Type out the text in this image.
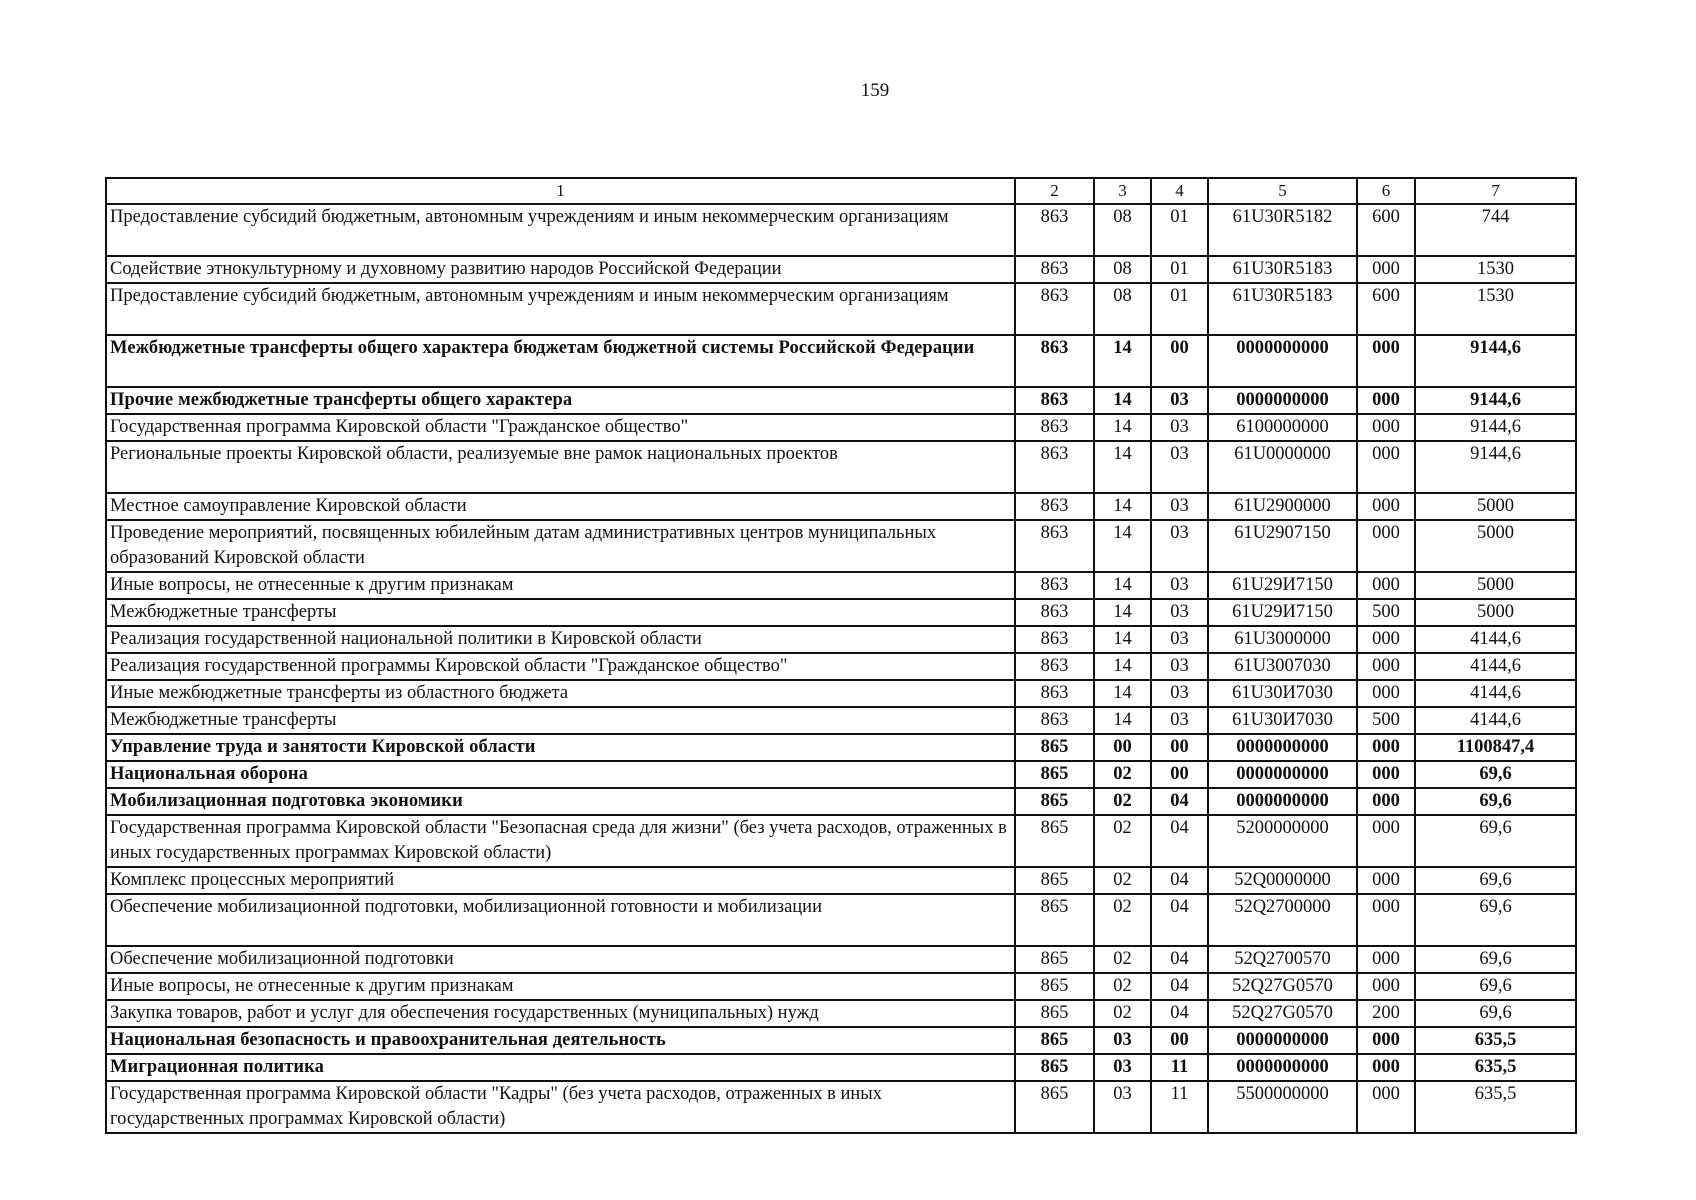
159
1	2	3	4	5	6	7
Предоставление субсидий бюджетным, автономным учреждениям и иным некоммерческим организациям	863	08	01	61U30R5182	600	744
Содействие этнокультурному и духовному развитию народов Российской Федерации	863	08	01	61U30R5183	000	1530
Предоставление субсидий бюджетным, автономным учреждениям и иным некоммерческим организациям	863	08	01	61U30R5183	600	1530
Межбюджетные трансферты общего характера бюджетам бюджетной системы Российской Федерации	863	14	00	0000000000	000	9144,6
Прочие межбюджетные трансферты общего характера	863	14	03	0000000000	000	9144,6
Государственная программа Кировской области "Гражданское общество"	863	14	03	6100000000	000	9144,6
Региональные проекты Кировской области, реализуемые вне рамок национальных проектов	863	14	03	61U0000000	000	9144,6
Местное самоуправление Кировской области	863	14	03	61U2900000	000	5000
Проведение мероприятий, посвященных юбилейным датам административных центров муниципальных образований Кировской области	863	14	03	61U2907150	000	5000
Иные вопросы, не отнесенные к другим признакам	863	14	03	61U29И7150	000	5000
Межбюджетные трансферты	863	14	03	61U29И7150	500	5000
Реализация государственной национальной политики в Кировской области	863	14	03	61U3000000	000	4144,6
Реализация государственной программы Кировской области "Гражданское общество"	863	14	03	61U3007030	000	4144,6
Иные межбюджетные трансферты из областного бюджета	863	14	03	61U30И7030	000	4144,6
Межбюджетные трансферты	863	14	03	61U30И7030	500	4144,6
Управление труда и занятости Кировской области	865	00	00	0000000000	000	1100847,4
Национальная оборона	865	02	00	0000000000	000	69,6
Мобилизационная подготовка экономики	865	02	04	0000000000	000	69,6
Государственная программа Кировской области "Безопасная среда для жизни" (без учета расходов, отраженных в иных государственных программах Кировской области)	865	02	04	5200000000	000	69,6
Комплекс процессных мероприятий	865	02	04	52Q0000000	000	69,6
Обеспечение мобилизационной подготовки, мобилизационной готовности и мобилизации	865	02	04	52Q2700000	000	69,6
Обеспечение мобилизационной подготовки	865	02	04	52Q2700570	000	69,6
Иные вопросы, не отнесенные к другим признакам	865	02	04	52Q27G0570	000	69,6
Закупка товаров, работ и услуг для обеспечения государственных (муниципальных) нужд	865	02	04	52Q27G0570	200	69,6
Национальная безопасность и правоохранительная деятельность	865	03	00	0000000000	000	635,5
Миграционная политика	865	03	11	0000000000	000	635,5
Государственная программа Кировской области "Кадры" (без учета расходов, отраженных в иных государственных программах Кировской области)	865	03	11	5500000000	000	635,5
